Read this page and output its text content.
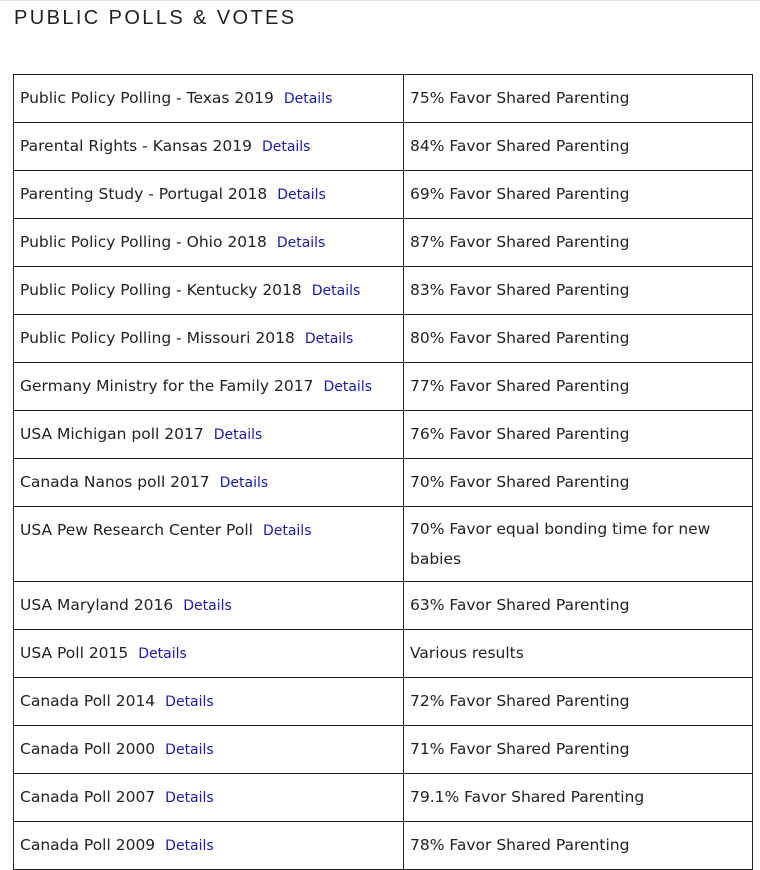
PUBLIC POLLS & VOTES
Public Policy Polling - Texas 2019 Details	75% Favor Shared Parenting
Parental Rights - Kansas 2019 Details	84% Favor Shared Parenting
Parenting Study - Portugal 2018 Details	69% Favor Shared Parenting
Public Policy Polling - Ohio 2018 Details	87% Favor Shared Parenting
Public Policy Polling - Kentucky 2018 Details	83% Favor Shared Parenting
Public Policy Polling - Missouri 2018 Details	80% Favor Shared Parenting
Germany Ministry for the Family 2017 Details	77% Favor Shared Parenting
USA Michigan poll 2017 Details	76% Favor Shared Parenting
Canada Nanos poll 2017 Details	70% Favor Shared Parenting
USA Pew Research Center Poll Details	70% Favor equal bonding time for new babies
USA Maryland 2016 Details	63% Favor Shared Parenting
USA Poll 2015 Details	Various results
Canada Poll 2014 Details	72% Favor Shared Parenting
Canada Poll 2000 Details	71% Favor Shared Parenting
Canada Poll 2007 Details	79.1% Favor Shared Parenting
Canada Poll 2009 Details	78% Favor Shared Parenting
